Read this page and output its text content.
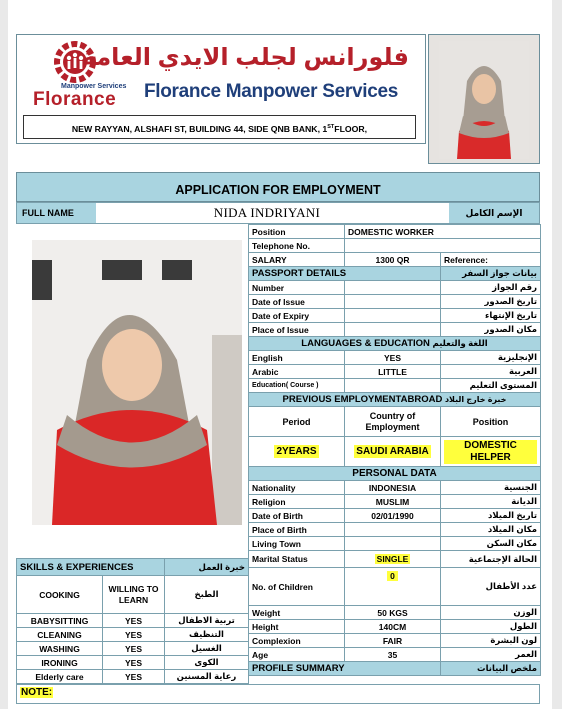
Manpower Services
Florance
فلورانس لجلب الايدي العامة
Florance Manpower Services
NEW RAYYAN, ALSHAFI ST, BUILDING 44, SIDE QNB BANK, 1STFLOOR,
APPLICATION FOR EMPLOYMENT
FULL NAME	NIDA INDRIYANI	الإسم الكامل
Position	DOMESTIC WORKER	
Telephone No.		
SALARY	1300 QR	Reference:
PASSPORT DETAILS		بيانات جواز السفر
Number		رقم الجواز
Date of Issue		تاريخ الصدور
Date of Expiry		تاريخ الإنتهاء
Place of Issue		مكان الصدور
LANGUAGES & EDUCATION اللغة والتعليم		
English	YES	الإنجليزية
Arabic	LITTLE	العربية
Education( Course )		المستوى التعليم
PREVIOUS EMPLOYMENTABROAD خبرة خارج البلاد		
Period	Country of Employment	Position
2YEARS	SAUDI ARABIA	DOMESTIC HELPER
PERSONAL DATA		
Nationality	INDONESIA	الجنسية
Religion	MUSLIM	الديانة
Date of Birth	02/01/1990	تاريخ الميلاد
Place of Birth		مكان الميلاد
Living Town		مكان السكن
Marital Status	SINGLE	الحالة الإجتماعية
No. of Children	0	عدد الأطفال
Weight	50 KGS	الوزن
Height	140CM	الطول
Complexion	FAIR	لون البشرة
Age	35	العمر
PROFILE SUMMARY		ملخص البيانات
SKILLS & EXPERIENCES		خبرة العمل
COOKING	WILLING TO LEARN	الطبخ
BABYSITTING	YES	تربية الاطفال
CLEANING	YES	التنظيف
WASHING	YES	الغسيل
IRONING	YES	الكوى
Elderly care	YES	رعاية المسنين
NOTE:
